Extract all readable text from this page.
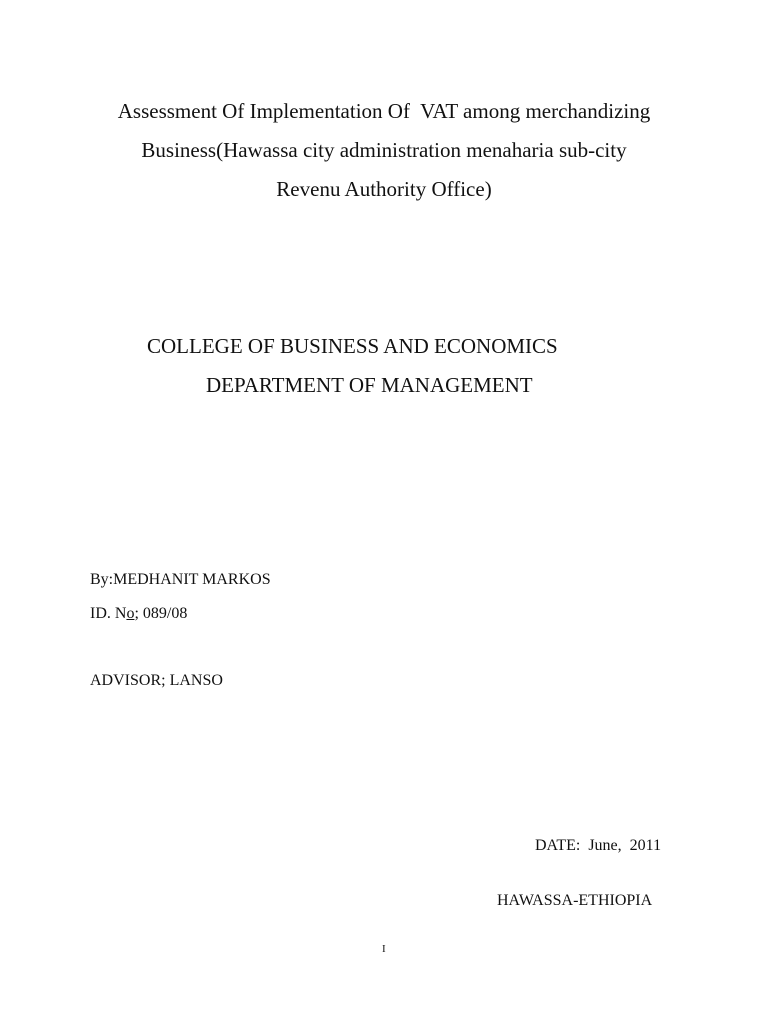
Assessment Of Implementation Of  VAT among merchandizing
Business(Hawassa city administration menaharia sub-city
Revenu Authority Office)
COLLEGE OF BUSINESS AND ECONOMICS
DEPARTMENT OF MANAGEMENT
By:MEDHANIT MARKOS
ID. No; 089/08
ADVISOR; LANSO
DATE:  June,  2011
HAWASSA-ETHIOPIA
I
